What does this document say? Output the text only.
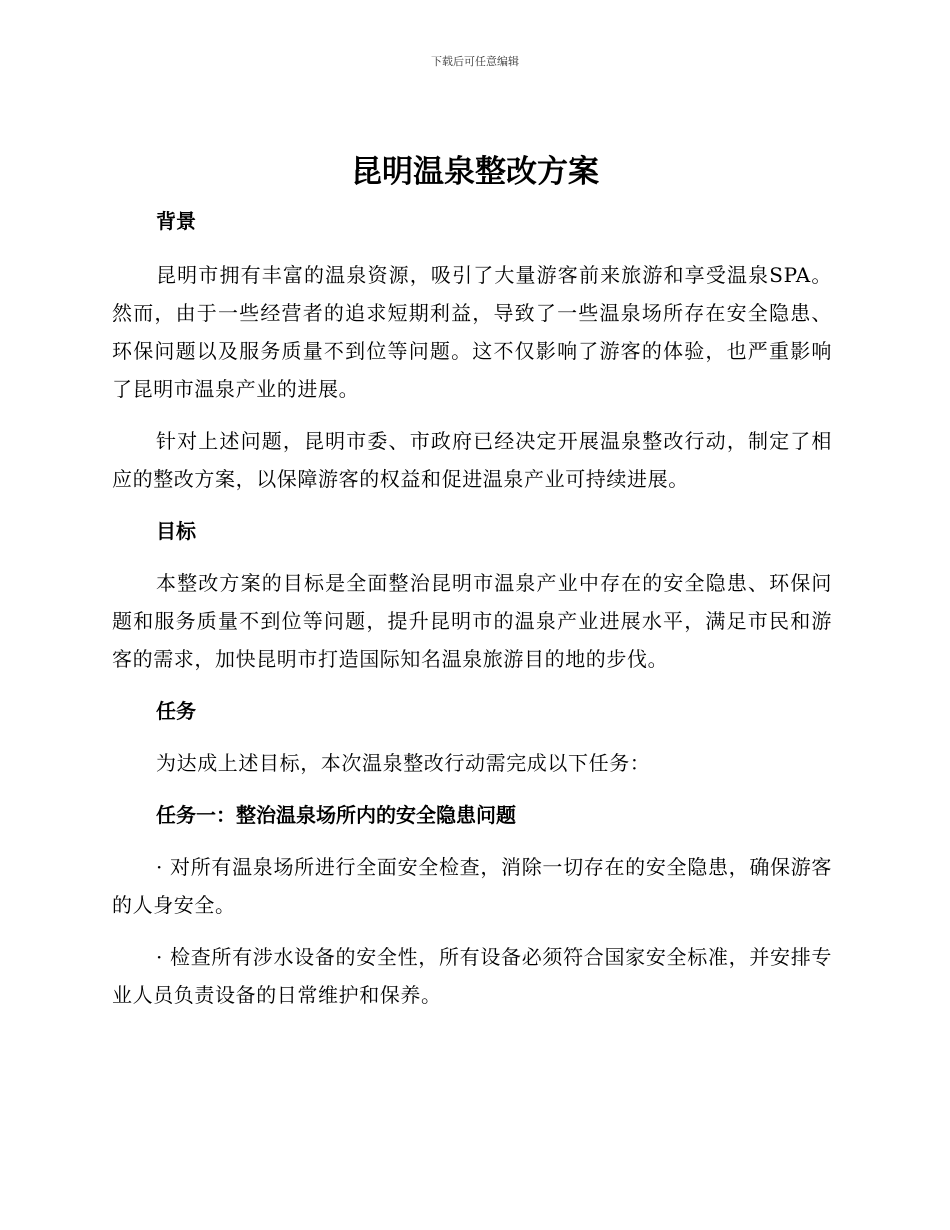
下载后可任意编辑
昆明温泉整改方案
背景

昆明市拥有丰富的温泉资源，吸引了大量游客前来旅游和享受温泉SPA。然而，由于一些经营者的追求短期利益，导致了一些温泉场所存在安全隐患、环保问题以及服务质量不到位等问题。这不仅影响了游客的体验，也严重影响了昆明市温泉产业的进展。

针对上述问题，昆明市委、市政府已经决定开展温泉整改行动，制定了相应的整改方案，以保障游客的权益和促进温泉产业可持续进展。

目标

本整改方案的目标是全面整治昆明市温泉产业中存在的安全隐患、环保问题和服务质量不到位等问题，提升昆明市的温泉产业进展水平，满足市民和游客的需求，加快昆明市打造国际知名温泉旅游目的地的步伐。

任务

为达成上述目标，本次温泉整改行动需完成以下任务：

任务一：整治温泉场所内的安全隐患问题

· 对所有温泉场所进行全面安全检查，消除一切存在的安全隐患，确保游客的人身安全。

· 检查所有涉水设备的安全性，所有设备必须符合国家安全标准，并安排专业人员负责设备的日常维护和保养。
